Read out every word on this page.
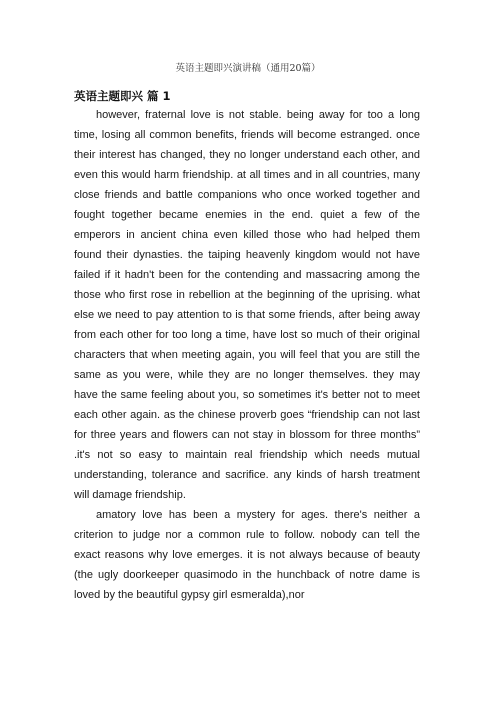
英语主题即兴演讲稿（通用20篇）
英语主题即兴 篇 1

however, fraternal love is not stable. being away for too a long time, losing all common benefits, friends will become estranged. once their interest has changed, they no longer understand each other, and even this would harm friendship. at all times and in all countries, many close friends and battle companions who once worked together and fought together became enemies in the end. quiet a few of the emperors in ancient china even killed those who had helped them found their dynasties. the taiping heavenly kingdom would not have failed if it hadn't been for the contending and massacring among the those who first rose in rebellion at the beginning of the uprising. what else we need to pay attention to is that some friends, after being away from each other for too long a time, have lost so much of their original characters that when meeting again, you will feel that you are still the same as you were, while they are no longer themselves. they may have the same feeling about you, so sometimes it's better not to meet each other again. as the chinese proverb goes “friendship can not last for three years and flowers can not stay in blossom for three months” .it's not so easy to maintain real friendship which needs mutual understanding, tolerance and sacrifice. any kinds of harsh treatment will damage friendship.

amatory love has been a mystery for ages. there's neither a criterion to judge nor a common rule to follow. nobody can tell the exact reasons why love emerges. it is not always because of beauty (the ugly doorkeeper quasimodo in the hunchback of notre dame is loved by the beautiful gypsy girl esmeralda),nor
